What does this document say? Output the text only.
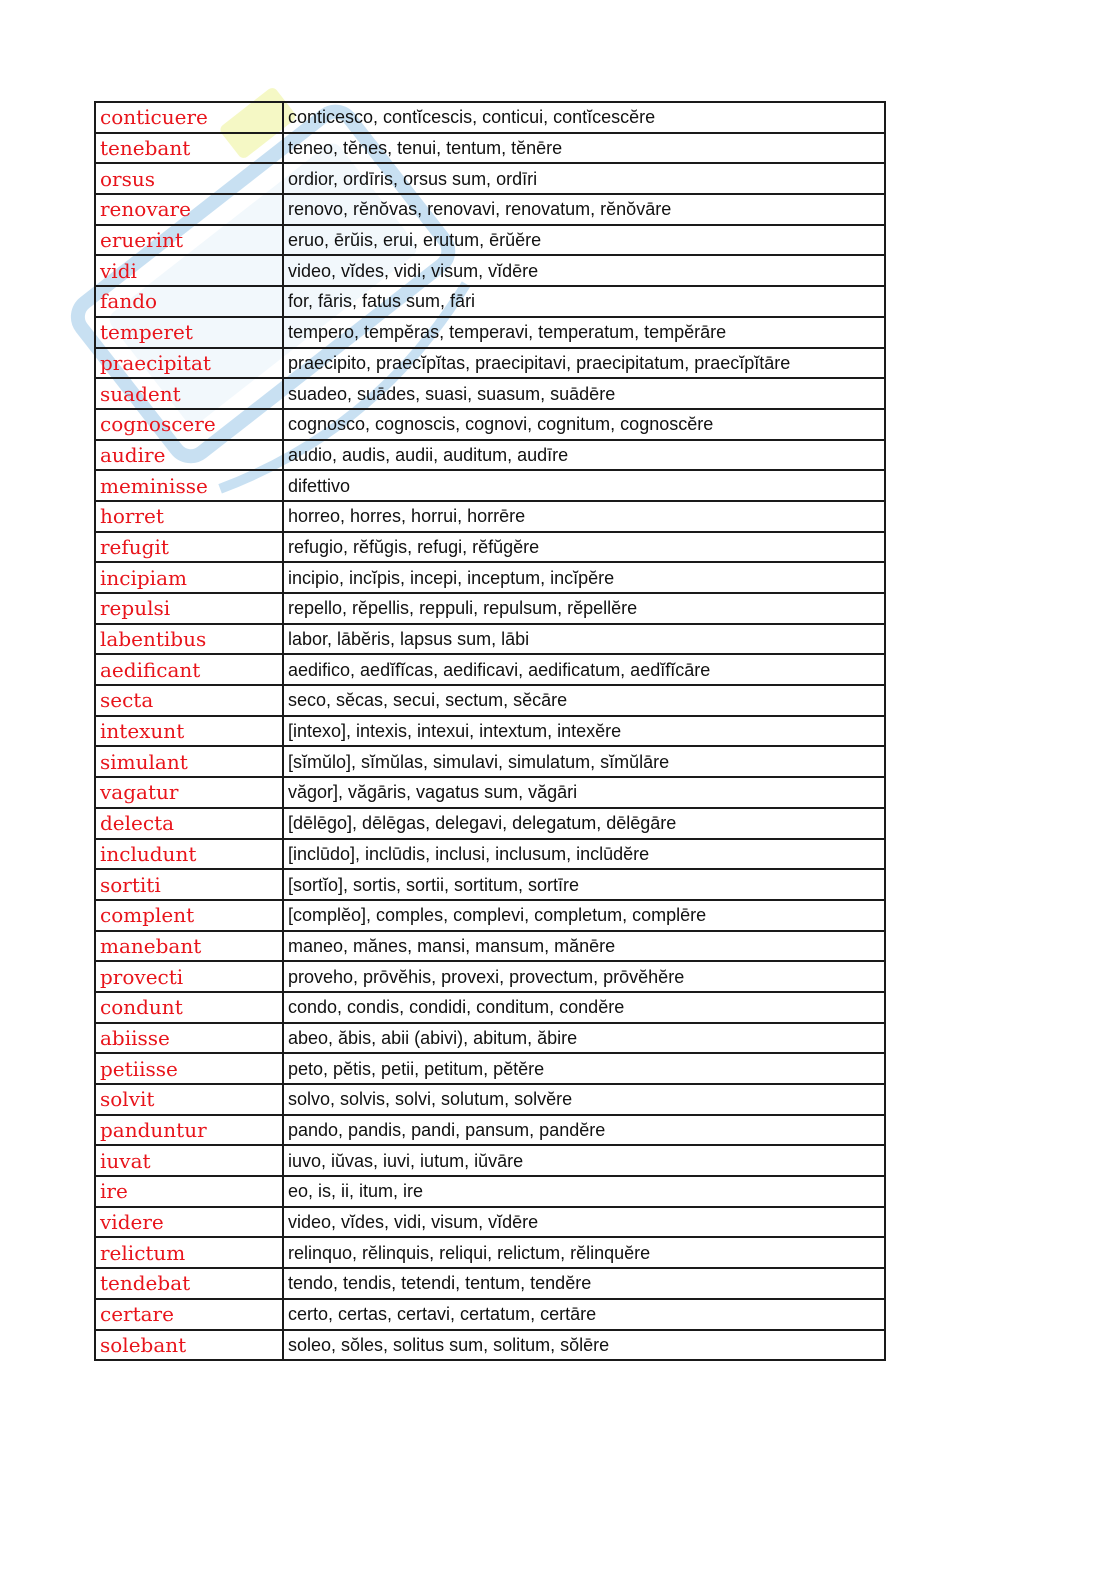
conticuere	conticesco, contĭcescis, conticui, contĭcescĕre
tenebant	teneo, tĕnes, tenui, tentum, tĕnēre
orsus	ordior, ordīris, orsus sum, ordīri
renovare	renovo, rĕnŏvas, renovavi, renovatum, rĕnŏvāre
eruerint	eruo, ērŭis, erui, erutum, ērŭĕre
vidi	video, vĭdes, vidi, visum, vĭdēre
fando	for, fāris, fatus sum, fāri
temperet	tempero, tempĕras, temperavi, temperatum, tempĕrāre
praecipitat	praecipito, praecĭpĭtas, praecipitavi, praecipitatum, praecĭpĭtāre
suadent	suadeo, suādes, suasi, suasum, suādēre
cognoscere	cognosco, cognoscis, cognovi, cognitum, cognoscĕre
audire	audio, audis, audii, auditum, audīre
meminisse	difettivo
horret	horreo, horres, horrui, horrēre
refugit	refugio, rĕfŭgis, refugi, rĕfŭgĕre
incipiam	incipio, incĭpis, incepi, inceptum, incĭpĕre
repulsi	repello, rĕpellis, reppuli, repulsum, rĕpellĕre
labentibus	labor, lābĕris, lapsus sum, lābi
aedificant	aedifico, aedĭfĭcas, aedificavi, aedificatum, aedĭfĭcāre
secta	seco, sĕcas, secui, sectum, sĕcāre
intexunt	[intexo], intexis, intexui, intextum, intexĕre
simulant	[sĭmŭlo], sĭmŭlas, simulavi, simulatum, sĭmŭlāre
vagatur	văgor], văgāris, vagatus sum, văgāri
delecta	[dēlēgo], dēlēgas, delegavi, delegatum, dēlēgāre
includunt	[inclūdo], inclūdis, inclusi, inclusum, inclūdĕre
sortiti	[sortĭo], sortis, sortii, sortitum, sortīre
complent	[complĕo], comples, complevi, completum, complēre
manebant	maneo, mănes, mansi, mansum, mănēre
provecti	proveho, prōvĕhis, provexi, provectum, prōvĕhĕre
condunt	condo, condis, condidi, conditum, condĕre
abiisse	abeo, ăbis, abii (abivi), abitum, ăbire
petiisse	peto, pĕtis, petii, petitum, pĕtĕre
solvit	solvo, solvis, solvi, solutum, solvĕre
panduntur	pando, pandis, pandi, pansum, pandĕre
iuvat	iuvo, iŭvas, iuvi, iutum, iŭvāre
ire	eo, is, ii, itum, ire
videre	video, vĭdes, vidi, visum, vĭdēre
relictum	relinquo, rĕlinquis, reliqui, relictum, rĕlinquĕre
tendebat	tendo, tendis, tetendi, tentum, tendĕre
certare	certo, certas, certavi, certatum, certāre
solebant	soleo, sŏles, solitus sum, solitum, sŏlēre
